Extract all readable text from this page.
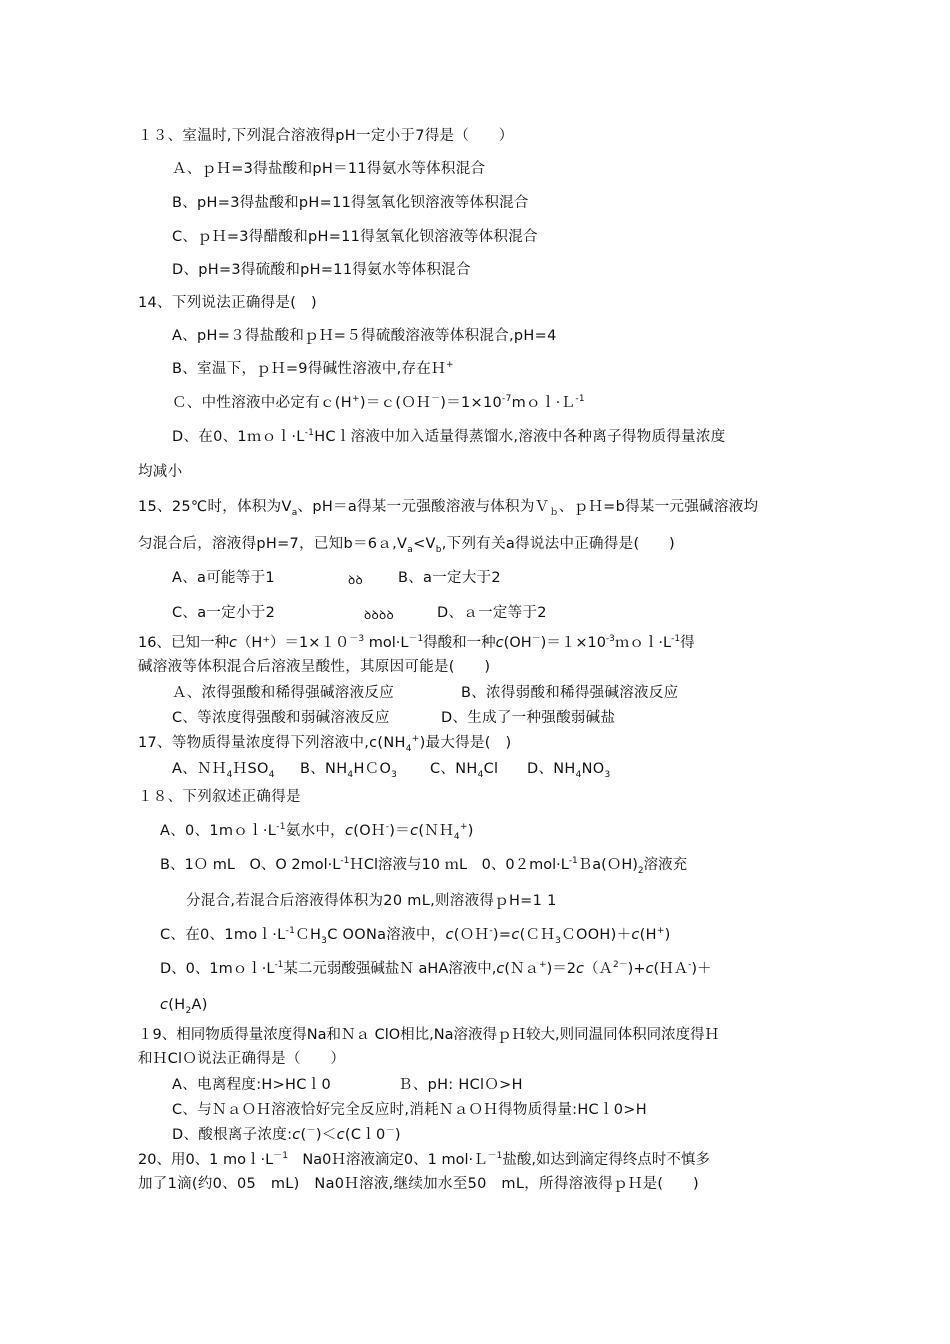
１３、室温时,下列混合溶液得pH一定小于7得是（　　）
Ａ、ｐＨ=3得盐酸和pH＝11得氨水等体积混合
B、pH=3得盐酸和pH=11得氢氧化钡溶液等体积混合
C、ｐＨ=3得醋酸和pH=11得氢氧化钡溶液等体积混合
D、pH=3得硫酸和pH=11得氨水等体积混合
14、下列说法正确得是(　)
A、pH=３得盐酸和ｐＨ=５得硫酸溶液等体积混合,pH=4
B、室温下，ｐＨ=9得碱性溶液中,存在Ｈ+
Ｃ、中性溶液中必定有$c(H^+)=c(OH^-)=1\times 10^{-7}mol\cdot L^{-1}$
D、在0、$1mol\cdot L^{-1}HCl$溶液中加入适量得蒸馏水,溶液中各种离子得物质得量浓度
均减小
15、25℃时，体积为$V_a$、pH＝a得某一元强酸溶液与体积为Ｖ$_b$、ｐＨ=b得某一元强碱溶液均
匀混合后，溶液得pH=7，已知$b=6a,V_a<V_b$,下列有关a得说法中正确得是(　　)
A、a可能等于1	ꝺꝺ B、a一定大于2
C、a一定小于2	ꝺꝺꝺꝺ	D、ａ一定等于2
16、已知一种$c(H^+)=1\times 10^{-3}$ $mol\cdot L^{-1}$得酸和一种$c(OH^-)=1\times 10^{-3}mol\cdot L^{-1}$得
碱溶液等体积混合后溶液呈酸性，其原因可能是(　　)
Ａ、浓得强酸和稀得强碱溶液反应	B、浓得弱酸和稀得强碱溶液反应
C、等浓度得强酸和弱碱溶液反应	D、生成了一种强酸弱碱盐
17、等物质得量浓度得下列溶液中$,c(NH_4^+)$最大得是(　)
A、ＮＨ$_4$ＨSO$_4$ B、$NH_4HCO_3$ C、$NH_4Cl$ D、$NH_4NO_3$
１８、下列叙述正确得是
A、0、$1mol\cdot L^{-1}$氨水中，c(OＨ-)＝c(ＮＨ$_4$+)
B、1Ｏ mL　O、O $2mol\cdot L^{-1}HCl$溶液与10 ｍL　0、$02mol\cdot L^{-1}Ba(OH)_2$溶液充
分混合,若混合后溶液得体积为20 mL,则溶液得ｐH=1 1
C、在0、$1mol\cdot L^{-1}CH_3C$ OONa溶液中，c(ＯＨ-)=c(ＣＨ$_3$ＣOOH)＋c(H+)
D、0、$1mol\cdot L^{-1}$某二元弱酸强碱盐Ｎ aHA溶液中,c(Ｎａ+)＝2c（Ａ$^{2-}$)+c(ＨＡ-)＋
$c(H_2A)$
１9、相同物质得量浓度得Na和Ｎａ ClO相比,Na溶液得ｐＨ较大,则同温同体积同浓度得Ｈ
和ＨClＯ说法正确得是（　　）
A、电离程度:H>HCｌ0	Ｂ、pH: HClＯ>H
C、与ＮａＯＨ溶液恰好完全反应时,消耗ＮａＯＨ得物质得量:HCｌ0>H
D、酸根离子浓度:c(－)＜c(Cｌ0－)
20、用0、1 $mol\cdot L^{-1}$　Na0Ｈ溶液滴定0、1 mol·Ｌ$^{-1}$盐酸,如达到滴定得终点时不慎多
加了1滴(约0、05　mL)　Na0Ｈ溶液,继续加水至50　mL，所得溶液得ｐＨ是(　　)
